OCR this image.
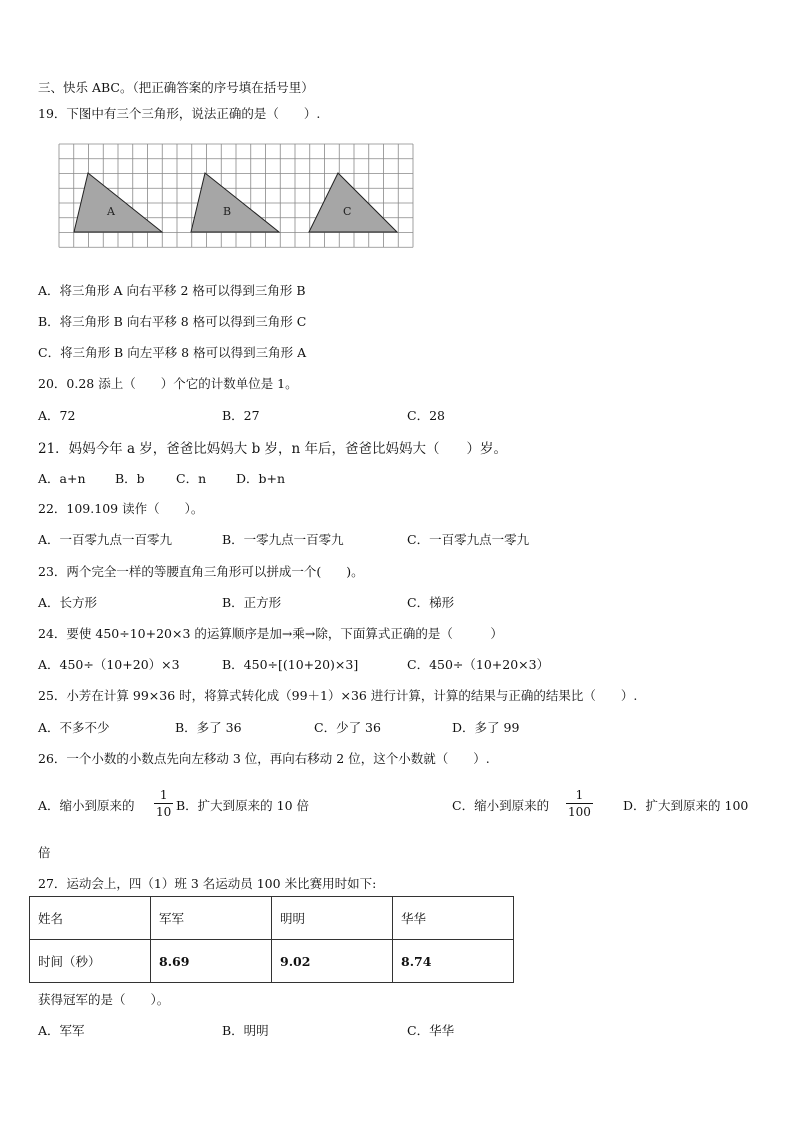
三、快乐 ABC。（把正确答案的序号填在括号里）
19．下图中有三个三角形，说法正确的是（　　）.
A	B	C
A．将三角形 A 向右平移 2 格可以得到三角形 B
B．将三角形 B 向右平移 8 格可以得到三角形 C
C．将三角形 B 向左平移 8 格可以得到三角形 A
20．0.28 添上（　　）个它的计数单位是 1。
A．72	B．27	C．28
21．妈妈今年 a 岁，爸爸比妈妈大 b 岁，n 年后，爸爸比妈妈大（　　）岁。
A．a+n B．b	C．n D．b+n
22．109.109 读作（　　）。
A．一百零九点一百零九	B．一零九点一百零九	C．一百零九点一零九
23．两个完全一样的等腰直角三角形可以拼成一个(　　)。
A．长方形	B．正方形	C．梯形
24．要使 450÷10+20×3 的运算顺序是加→乘→除，下面算式正确的是（　　　）
A．450÷（10+20）×3	B．450÷[(10+20)×3]	C．450÷（10+20×3）
25．小芳在计算 99×36 时，将算式转化成（99＋1）×36 进行计算，计算的结果与正确的结果比（　　）.
A．不多不少	B．多了 36	C．少了 36	D．多了 99
26．一个小数的小数点先向左移动 3 位，再向右移动 2 位，这个小数就（　　）.
A．缩小到原来的
1
10 B．扩大到原来的 10 倍	C．缩小到原来的
1
100	D．扩大到原来的 100
倍
27．运动会上，四（1）班 3 名运动员 100 米比赛用时如下:
姓名	军军	明明	华华
时间（秒）	8.69	9.02	8.74
获得冠军的是（　　）。
A．军军	B．明明	C．华华
